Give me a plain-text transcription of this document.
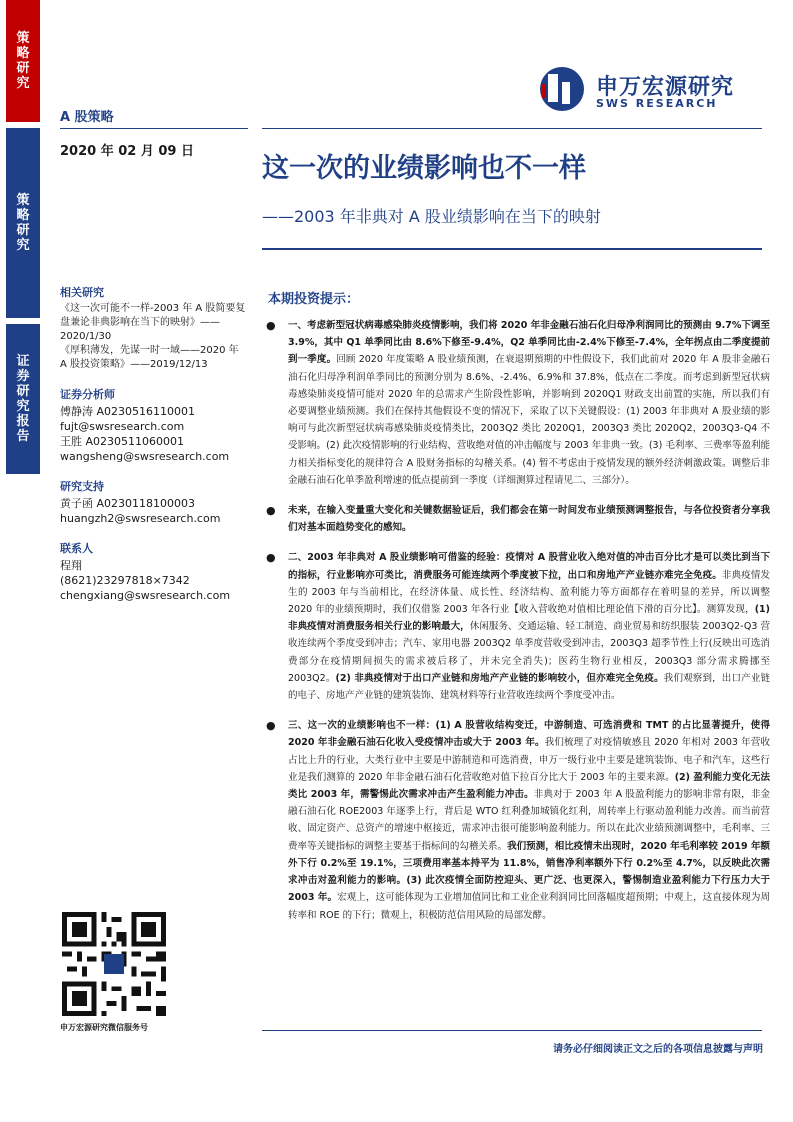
策略研究
策略研究
证券研究报告
申万宏源研究
SWS RESEARCH
A 股策略
2020 年 02 月 09 日
这一次的业绩影响也不一样
——2003 年非典对 A 股业绩影响在当下的映射
相关研究
《这一次可能不一样-2003 年 A 股简要复盘兼论非典影响在当下的映射》——2020/1/30
《厚积薄发，先谋一时一域——2020 年 A 股投资策略》——2019/12/13
证券分析师
傅静涛 A0230516110001
fujt@swsresearch.com
王胜 A0230511060001
wangsheng@swsresearch.com
研究支持
黄子函 A0230118100003
huangzh2@swsresearch.com
联系人
程翔
(8621)23297818×7342
chengxiang@swsresearch.com
申万宏源研究微信服务号
本期投资提示：
● 一、考虑新型冠状病毒感染肺炎疫情影响，我们将 2020 年非金融石油石化归母净利润同比的预测由 9.7%下调至 3.9%，其中 Q1 单季同比由 8.6%下修至-9.4%，Q2 单季同比由-2.4%下修至-7.4%，全年拐点由二季度提前到一季度。回顾 2020 年度策略 A 股业绩预测，在衰退期預期的中性假设下，我们此前对 2020 年 A 股非金融石油石化归母净利润单季同比的预测分别为 8.6%、-2.4%、6.9%和 37.8%，低点在二季度。而考虑到新型冠状病毒感染肺炎疫情可能对 2020 年的总需求产生阶段性影响，并影响到 2020Q1 财政支出前置的实施，所以我们有必要调整业绩预测。我们在保持其他假设不变的情况下，采取了以下关键假设：(1) 2003 年非典对 A 股业绩的影响可与此次新型冠状病毒感染肺炎疫情类比，2003Q2 类比 2020Q1，2003Q3 类比 2020Q2，2003Q3-Q4 不受影响。(2) 此次疫情影响的行业结构、营收绝对值的冲击幅度与 2003 年非典一致。(3) 毛利率、三费率等盈利能力相关指标变化的规律符合 A 股财务指标的勾稽关系。(4) 暂不考虑由于疫情发现的额外经济刺激政策。调整后非金融石油石化单季盈利增速的低点提前到一季度（详细测算过程请见二、三部分）。
● 未来，在输入变量重大变化和关键数据验证后，我们都会在第一时间发布业绩预测调整报告，与各位投资者分享我们对基本面趋势变化的感知。
● 二、2003 年非典对 A 股业绩影响可借鉴的经验：疫情对 A 股营业收入绝对值的冲击百分比才是可以类比到当下的指标，行业影响亦可类比，消费服务可能连续两个季度被下拉，出口和房地产产业链亦难完全免疫。非典疫情发生的 2003 年与当前相比，在经济体量、成长性、经济结构、盈利能力等方面都存在着明显的差异，所以调整 2020 年的业绩预期时，我们仅借鉴 2003 年各行业【收入营收绝对值相比理论值下滑的百分比】。测算发现，(1) 非典疫情对消费服务相关行业的影响最大，休闲服务、交通运输、轻工制造、商业贸易和纺织服装 2003Q2-Q3 营收连续两个季度受到冲击；汽车、家用电器 2003Q2 单季度营收受到冲击，2003Q3 超季节性上行(反映出可选消费部分在疫情期间损失的需求被后移了，并未完全消失)；医药生物行业相反，2003Q3 部分需求腾挪至 2003Q2。(2) 非典疫情对于出口产业链和房地产产业链的影响较小，但亦难完全免疫。我们观察到，出口产业链的电子、房地产产业链的建筑装饰、建筑材料等行业营收连续两个季度受冲击。
● 三、这一次的业绩影响也不一样：(1) A 股营收结构变迁，中游制造、可选消费和 TMT 的占比显著提升，使得 2020 年非金融石油石化收入受疫情冲击或大于 2003 年。我们梳理了对疫情敏感且 2020 年相对 2003 年营收占比上升的行业，大类行业中主要是中游制造和可选消费，申万一级行业中主要是建筑装饰、电子和汽车，这些行业是我们测算的 2020 年非金融石油石化营收绝对值下拉百分比大于 2003 年的主要来源。(2) 盈利能力变化无法类比 2003 年，需警惕此次需求冲击产生盈利能力冲击。非典对于 2003 年 A 股盈利能力的影响非常有限，非金融石油石化 ROE2003 年逐季上行，背后是 WTO 红利叠加城镇化红利，周转率上行驱动盈利能力改善。而当前营收、固定资产、总资产的增速中枢接近，需求冲击很可能影响盈利能力。所以在此次业绩预测调整中，毛利率、三费率等关键指标的调整主要基于指标间的勾稽关系。我们预测，相比疫情未出现时，2020 年毛利率较 2019 年额外下行 0.2%至 19.1%，三项费用率基本持平为 11.8%，销售净利率额外下行 0.2%至 4.7%，以反映此次需求冲击对盈利能力的影响。(3) 此次疫情全面防控迎头、更广泛、也更深入，警惕制造业盈利能力下行压力大于 2003 年。宏观上，这可能体现为工业增加值同比和工业企业利润同比回落幅度超预期；中观上，这直接体现为周转率和 ROE 的下行；微观上，积极防范信用风险的局部发酵。
请务必仔细阅读正文之后的各项信息披露与声明
